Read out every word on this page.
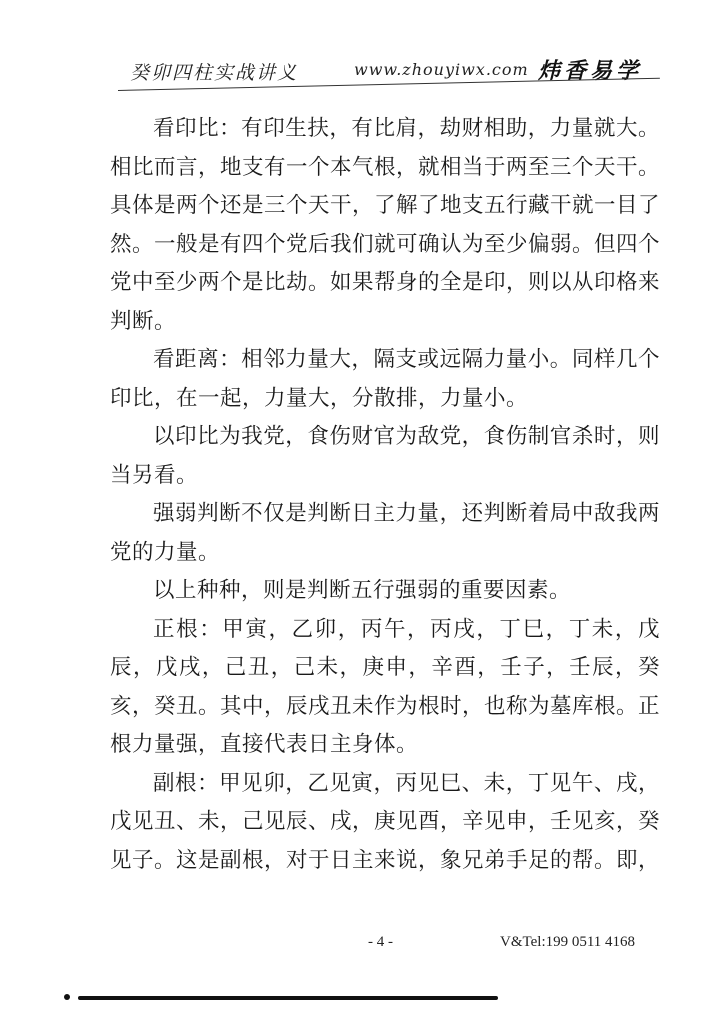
癸卯四柱实战讲义	www.zhouyiwx.com 炜香易学

看印比：有印生扶，有比肩，劫财相助，力量就大。相比而言，地支有一个本气根，就相当于两至三个天干。具体是两个还是三个天干，了解了地支五行藏干就一目了然。一般是有四个党后我们就可确认为至少偏弱。但四个党中至少两个是比劫。如果帮身的全是印，则以从印格来判断。

看距离：相邻力量大，隔支或远隔力量小。同样几个印比，在一起，力量大，分散排，力量小。

以印比为我党，食伤财官为敌党，食伤制官杀时，则当另看。

强弱判断不仅是判断日主力量，还判断着局中敌我两党的力量。

以上种种，则是判断五行强弱的重要因素。

正根：甲寅，乙卯，丙午，丙戌，丁巳，丁未，戊辰，戊戌，己丑，己未，庚申，辛酉，壬子，壬辰，癸亥，癸丑。其中，辰戌丑未作为根时，也称为墓库根。正根力量强，直接代表日主身体。

副根：甲见卯，乙见寅，丙见巳、未，丁见午、戌，戊见丑、未，己见辰、戌，庚见酉，辛见申，壬见亥，癸见子。这是副根，对于日主来说，象兄弟手足的帮。即，

- 4 -	V&Tel:199 0511 4168
